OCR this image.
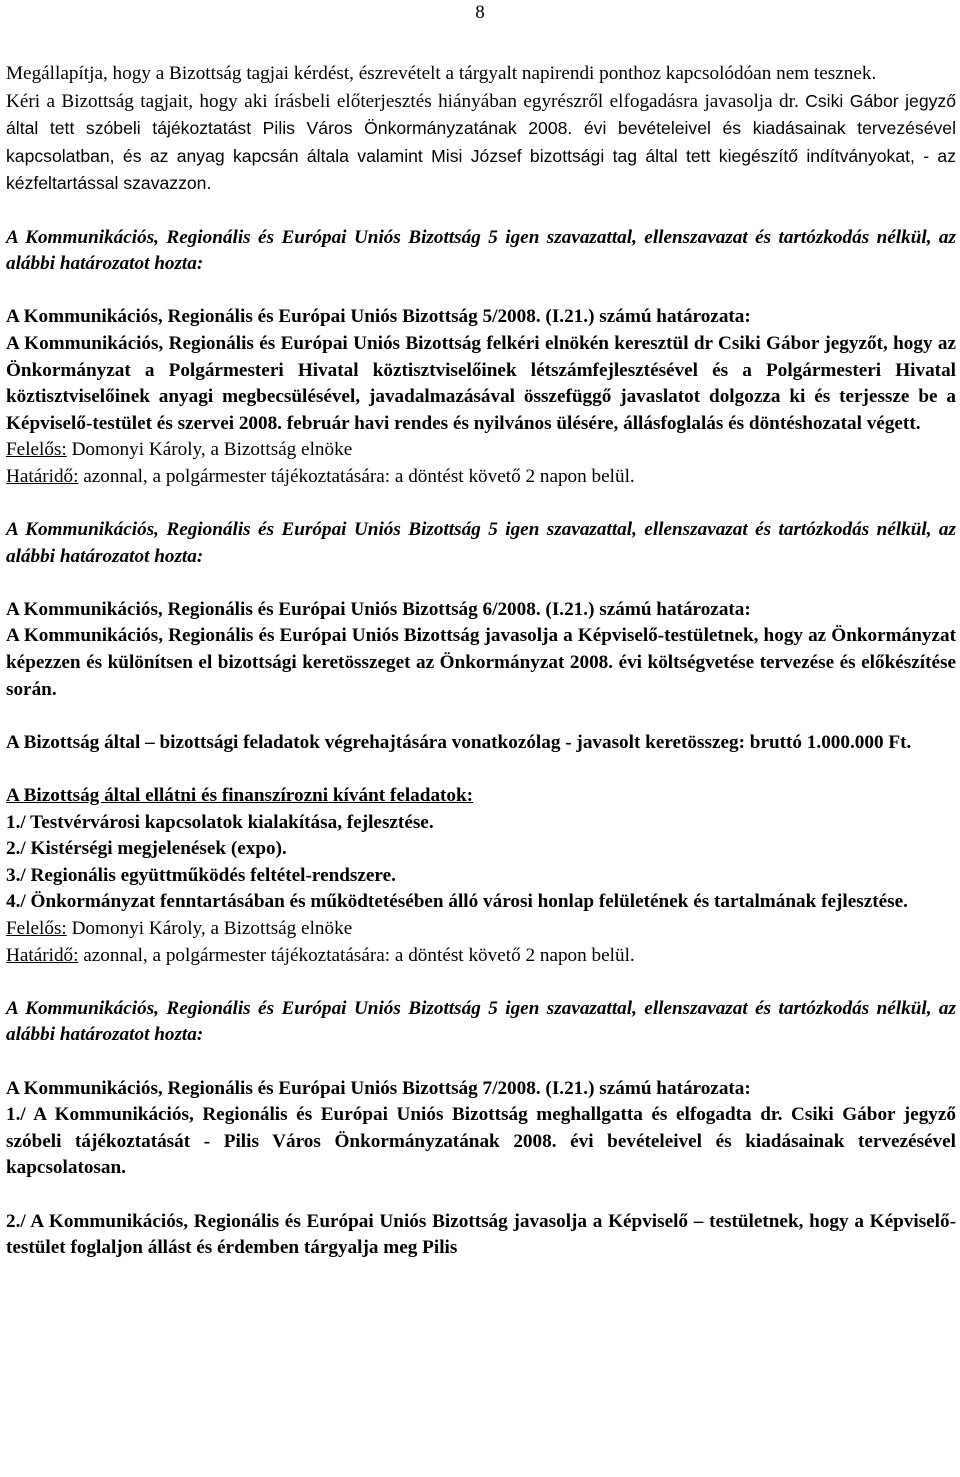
8

Megállapítja, hogy a Bizottság tagjai kérdést, észrevételt a tárgyalt napirendi ponthoz kapcsolódóan nem tesznek.

Kéri a Bizottság tagjait, hogy aki írásbeli előterjesztés hiányában egyrészről elfogadásra javasolja dr. Csiki Gábor jegyző által tett szóbeli tájékoztatást Pilis Város Önkormányzatának 2008. évi bevételeivel és kiadásainak tervezésével kapcsolatban, és az anyag kapcsán általa valamint Misi József bizottsági tag által tett kiegészítő indítványokat, - az kézfeltartással szavazzon.

A Kommunikációs, Regionális és Európai Uniós Bizottság 5 igen szavazattal, ellenszavazat és tartózkodás nélkül, az alábbi határozatot hozta:

A Kommunikációs, Regionális és Európai Uniós Bizottság 5/2008. (I.21.) számú határozata:

A Kommunikációs, Regionális és Európai Uniós Bizottság felkéri elnökén keresztül dr Csiki Gábor jegyzőt, hogy az Önkormányzat a Polgármesteri Hivatal köztisztviselőinek létszámfejlesztésével és a Polgármesteri Hivatal köztisztviselőinek anyagi megbecsülésével, javadalmazásával összefüggő javaslatot dolgozza ki és terjessze be a Képviselő-testület és szervei 2008. február havi rendes és nyilvános ülésére, állásfoglalás és döntéshozatal végett.

Felelős: Domonyi Károly, a Bizottság elnöke

Határidő: azonnal, a polgármester tájékoztatására: a döntést követő 2 napon belül.

A Kommunikációs, Regionális és Európai Uniós Bizottság 5 igen szavazattal, ellenszavazat és tartózkodás nélkül, az alábbi határozatot hozta:

A Kommunikációs, Regionális és Európai Uniós Bizottság 6/2008. (I.21.) számú határozata:

A Kommunikációs, Regionális és Európai Uniós Bizottság javasolja a Képviselő-testületnek, hogy az Önkormányzat képezzen és különítsen el bizottsági keretösszeget az Önkormányzat 2008. évi költségvetése tervezése és előkészítése során.

A Bizottság által – bizottsági feladatok végrehajtására vonatkozólag - javasolt keretösszeg: bruttó 1.000.000 Ft.

A Bizottság által ellátni és finanszírozni kívánt feladatok:

1./ Testvérvárosi kapcsolatok kialakítása, fejlesztése.

2./ Kistérségi megjelenések (expo).

3./ Regionális együttműködés feltétel-rendszere.

4./ Önkormányzat fenntartásában és működtetésében álló városi honlap felületének és tartalmának fejlesztése.

Felelős: Domonyi Károly, a Bizottság elnöke

Határidő: azonnal, a polgármester tájékoztatására: a döntést követő 2 napon belül.

A Kommunikációs, Regionális és Európai Uniós Bizottság 5 igen szavazattal, ellenszavazat és tartózkodás nélkül, az alábbi határozatot hozta:

A Kommunikációs, Regionális és Európai Uniós Bizottság 7/2008. (I.21.) számú határozata:

1./ A Kommunikációs, Regionális és Európai Uniós Bizottság meghallgatta és elfogadta dr. Csiki Gábor jegyző szóbeli tájékoztatását - Pilis Város Önkormányzatának 2008. évi bevételeivel és kiadásainak tervezésével kapcsolatosan.

2./ A Kommunikációs, Regionális és Európai Uniós Bizottság javasolja a Képviselő – testületnek, hogy a Képviselő-testület foglaljon állást és érdemben tárgyalja meg Pilis
